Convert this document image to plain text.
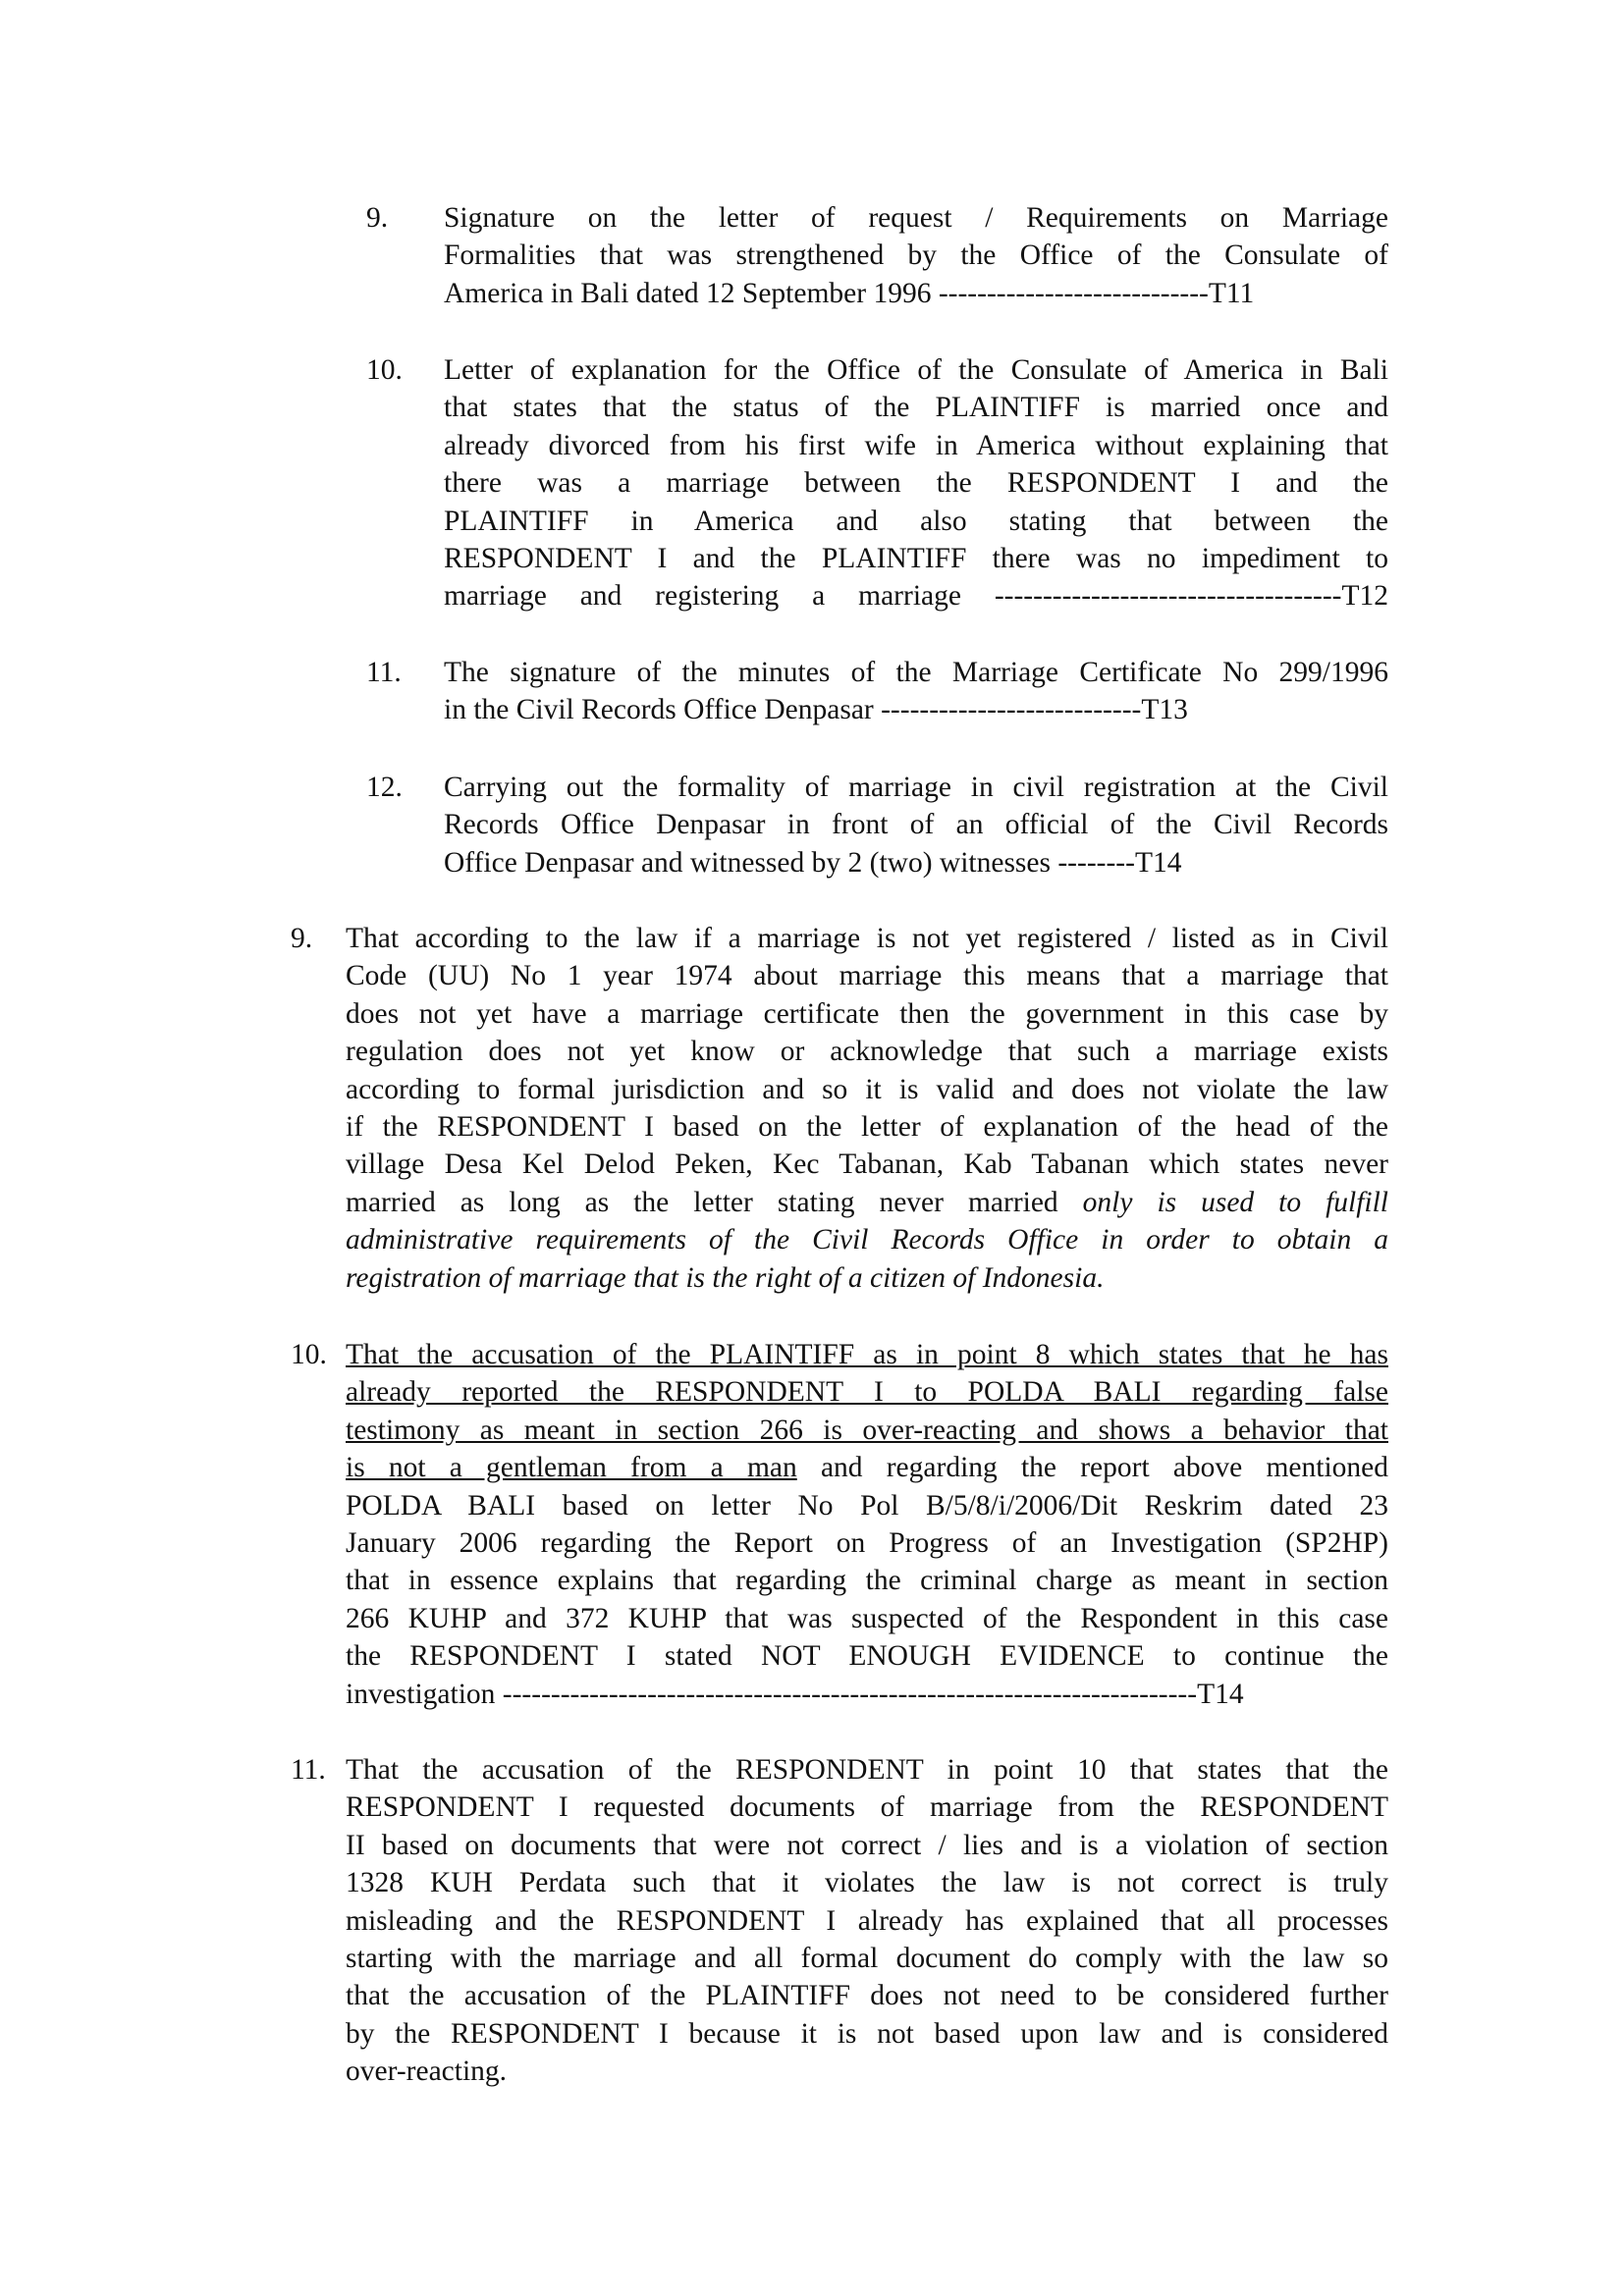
9. Signature on the letter of request / Requirements on Marriage
Formalities that was strengthened by the Office of the Consulate of
America in Bali dated 12 September 1996 ----------------------------T11
10. Letter of explanation for the Office of the Consulate of America in Bali
that states that the status of the PLAINTIFF is married once and
already divorced from his first wife in America without explaining that
there was a marriage between the RESPONDENT I and the
PLAINTIFF in America and also stating that between the
RESPONDENT I and the PLAINTIFF there was no impediment to
marriage and registering a marriage ------------------------------------T12
11. The signature of the minutes of the Marriage Certificate No 299/1996
in the Civil Records Office Denpasar ---------------------------T13
12. Carrying out the formality of marriage in civil registration at the Civil
Records Office Denpasar in front of an official of the Civil Records
Office Denpasar and witnessed by 2 (two) witnesses --------T14
9. That according to the law if a marriage is not yet registered / listed as in Civil
Code (UU) No 1 year 1974 about marriage this means that a marriage that
does not yet have a marriage certificate then the government in this case by
regulation does not yet know or acknowledge that such a marriage exists
according to formal jurisdiction and so it is valid and does not violate the law
if the RESPONDENT I based on the letter of explanation of the head of the
village Desa Kel Delod Peken, Kec Tabanan, Kab Tabanan which states never
married as long as the letter stating never married only is used to fulfill
administrative requirements of the Civil Records Office in order to obtain a
registration of marriage that is the right of a citizen of Indonesia.
10. That the accusation of the PLAINTIFF as in point 8 which states that he has
already reported the RESPONDENT I to POLDA BALI regarding false
testimony as meant in section 266 is over-reacting and shows a behavior that
is not a gentleman from a man and regarding the report above mentioned
POLDA BALI based on letter No Pol B/5/8/i/2006/Dit Reskrim dated 23
January 2006 regarding the Report on Progress of an Investigation (SP2HP)
that in essence explains that regarding the criminal charge as meant in section
266 KUHP and 372 KUHP that was suspected of the Respondent in this case
the RESPONDENT I stated NOT ENOUGH EVIDENCE to continue the
investigation ------------------------------------------------------------------------T14
11. That the accusation of the RESPONDENT in point 10 that states that the
RESPONDENT I requested documents of marriage from the RESPONDENT
II based on documents that were not correct / lies and is a violation of section
1328 KUH Perdata such that it violates the law is not correct is truly
misleading and the RESPONDENT I already has explained that all processes
starting with the marriage and all formal document do comply with the law so
that the accusation of the PLAINTIFF does not need to be considered further
by the RESPONDENT I because it is not based upon law and is considered
over-reacting.
